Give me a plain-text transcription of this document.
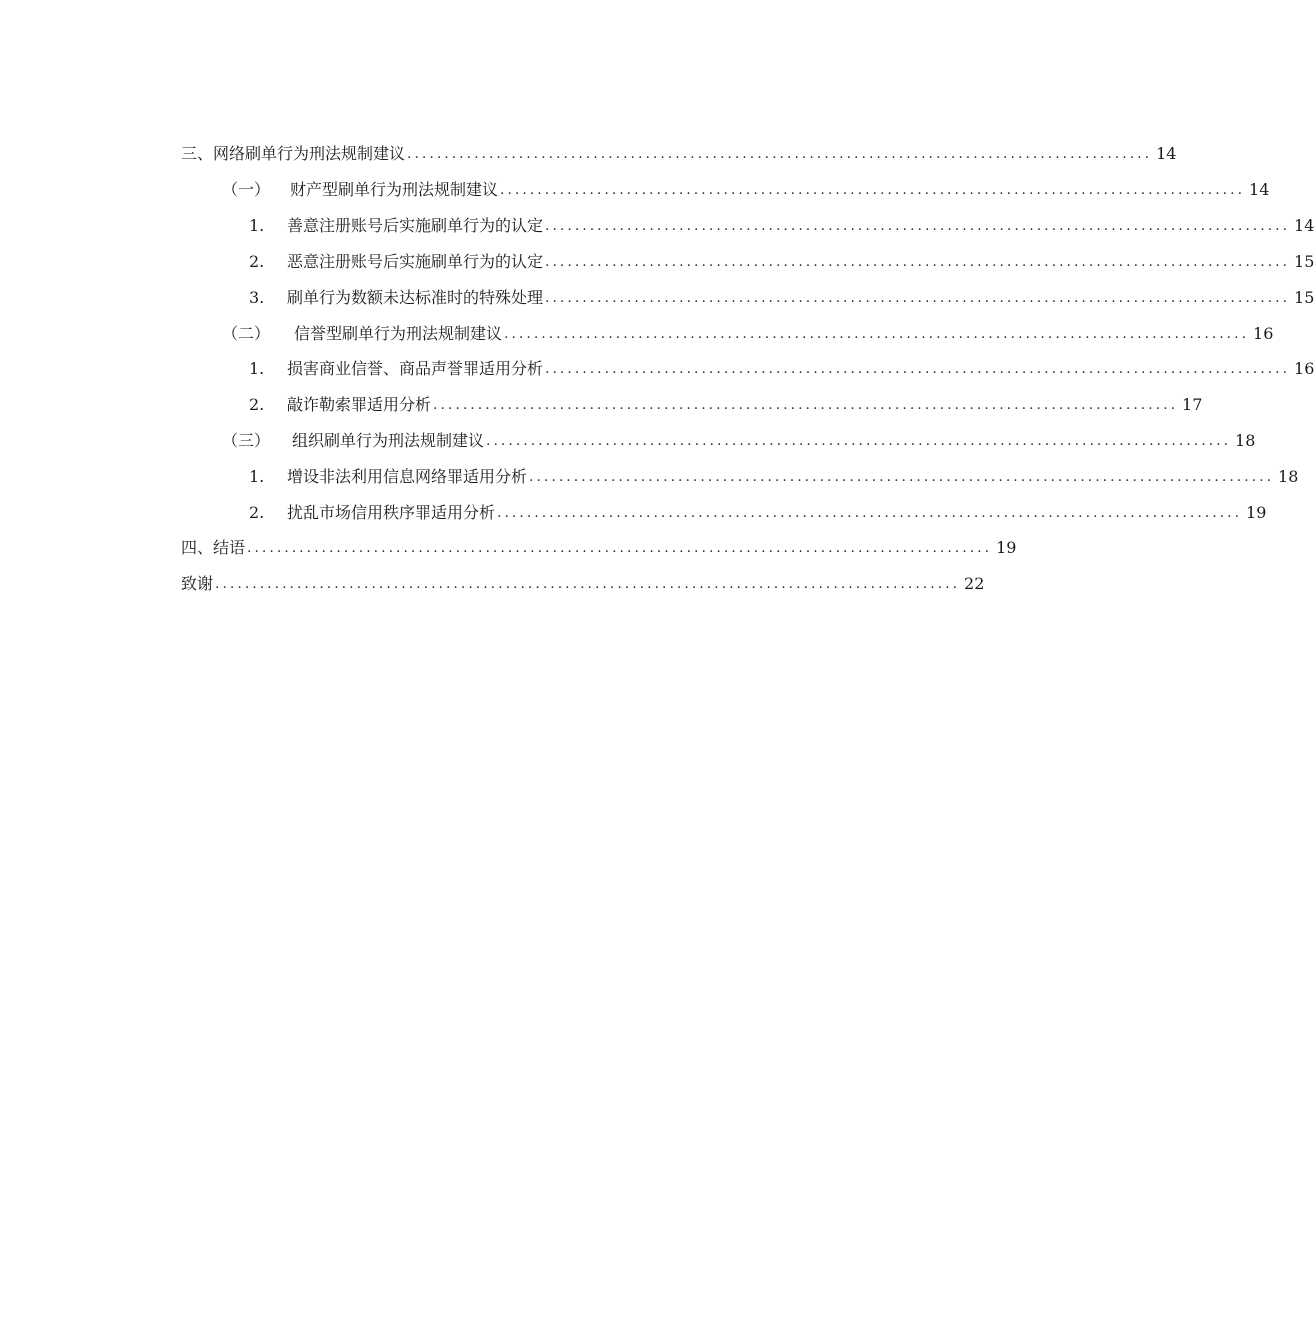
三、 网络刷单行为刑法规制建议 .................................................................................................... 14
（一）	财产型刷单行为刑法规制建议 .................................................................................................... 14
1.	善意注册账号后实施刷单行为的认定 .................................................................................................... 14
2.	恶意注册账号后实施刷单行为的认定 .................................................................................................... 15
3.	刷单行为数额未达标准时的特殊处理 .................................................................................................... 15
（二）	信誉型刷单行为刑法规制建议 .................................................................................................... 16
1.	损害商业信誉、商品声誉罪适用分析 .................................................................................................... 16
2.	敲诈勒索罪适用分析 .................................................................................................... 17
（三）	组织刷单行为刑法规制建议 .................................................................................................... 18
1.	增设非法利用信息网络罪适用分析 .................................................................................................... 18
2.	扰乱市场信用秩序罪适用分析 .................................................................................................... 19
四、 结语 .................................................................................................... 19
致谢 .................................................................................................... 22
